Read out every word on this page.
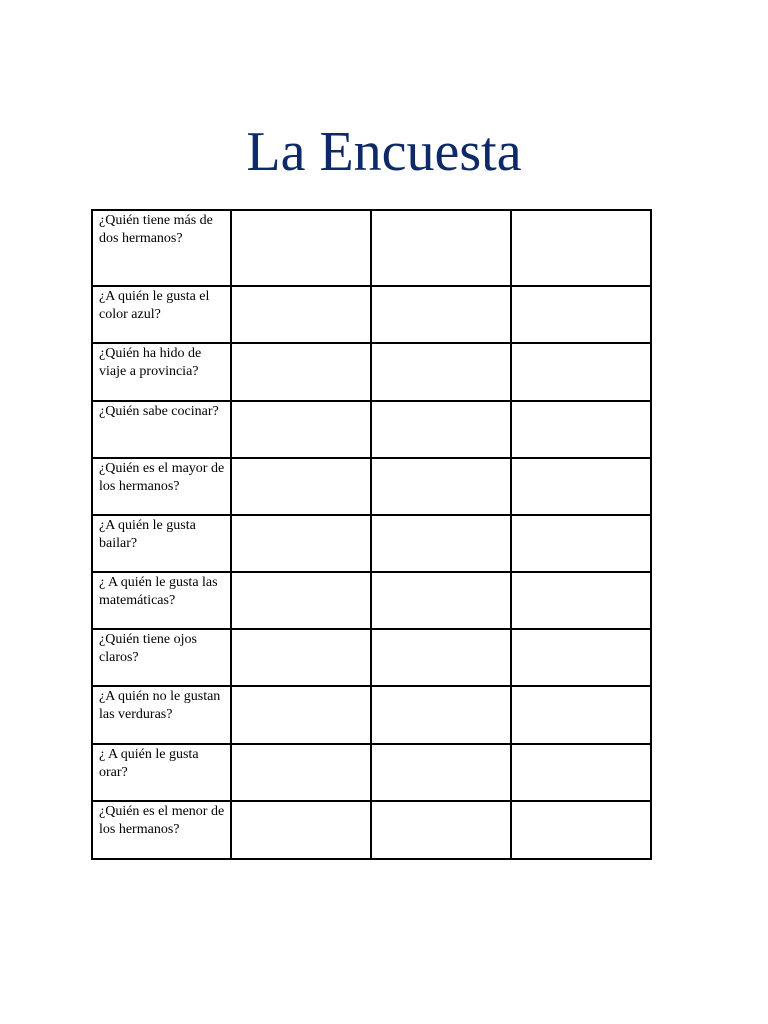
La Encuesta
¿Quién tiene más de dos hermanos?			
¿A quién le gusta el color azul?			
¿Quién ha hido de viaje a provincia?			
¿Quién sabe cocinar?			
¿Quién es el mayor de los hermanos?			
¿A quién le gusta bailar?			
¿ A quién le gusta las matemáticas?			
¿Quién tiene ojos claros?			
¿A quién no le gustan las verduras?			
¿ A quién le gusta orar?			
¿Quién es el menor de los hermanos?			
